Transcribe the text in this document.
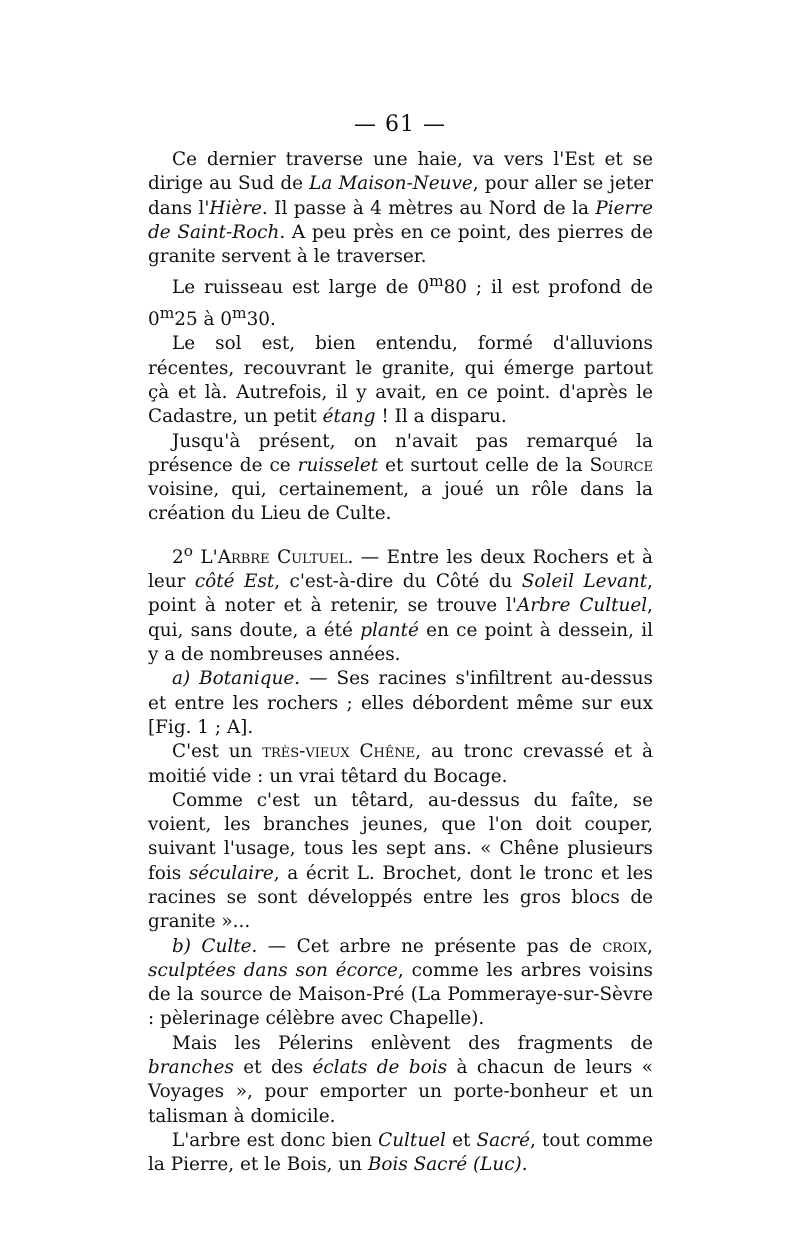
— 61 —

Ce dernier traverse une haie, va vers l'Est et se dirige au Sud de La Maison-Neuve, pour aller se jeter dans l'Hière. Il passe à 4 mètres au Nord de la Pierre de Saint-Roch. A peu près en ce point, des pierres de granite servent à le traverser.

Le ruisseau est large de 0$^m$80 ; il est profond de 0$^m$25 à 0$^m$30.

Le sol est, bien entendu, formé d'alluvions récentes, recouvrant le granite, qui émerge partout çà et là. Autrefois, il y avait, en ce point. d'après le Cadastre, un petit étang ! Il a disparu.

Jusqu'à présent, on n'avait pas remarqué la présence de ce ruisselet et surtout celle de la Source voisine, qui, certainement, a joué un rôle dans la création du Lieu de Culte.

2$^o$ L'Arbre Cultuel. — Entre les deux Rochers et à leur côté Est, c'est-à-dire du Côté du Soleil Levant, point à noter et à retenir, se trouve l'Arbre Cultuel, qui, sans doute, a été planté en ce point à dessein, il y a de nombreuses années.

a) Botanique. — Ses racines s'infiltrent au-dessus et entre les rochers ; elles débordent même sur eux [Fig. 1 ; A].

C'est un très-vieux Chêne, au tronc crevassé et à moitié vide : un vrai têtard du Bocage.

Comme c'est un têtard, au-dessus du faîte, se voient, les branches jeunes, que l'on doit couper, suivant l'usage, tous les sept ans. « Chêne plusieurs fois séculaire, a écrit L. Brochet, dont le tronc et les racines se sont développés entre les gros blocs de granite »...

b) Culte. — Cet arbre ne présente pas de croix, sculptées dans son écorce, comme les arbres voisins de la source de Maison-Pré (La Pommeraye-sur-Sèvre : pèlerinage célèbre avec Chapelle).

Mais les Pélerins enlèvent des fragments de branches et des éclats de bois à chacun de leurs « Voyages », pour emporter un porte-bonheur et un talisman à domicile.

L'arbre est donc bien Cultuel et Sacré, tout comme la Pierre, et le Bois, un Bois Sacré (Luc).
